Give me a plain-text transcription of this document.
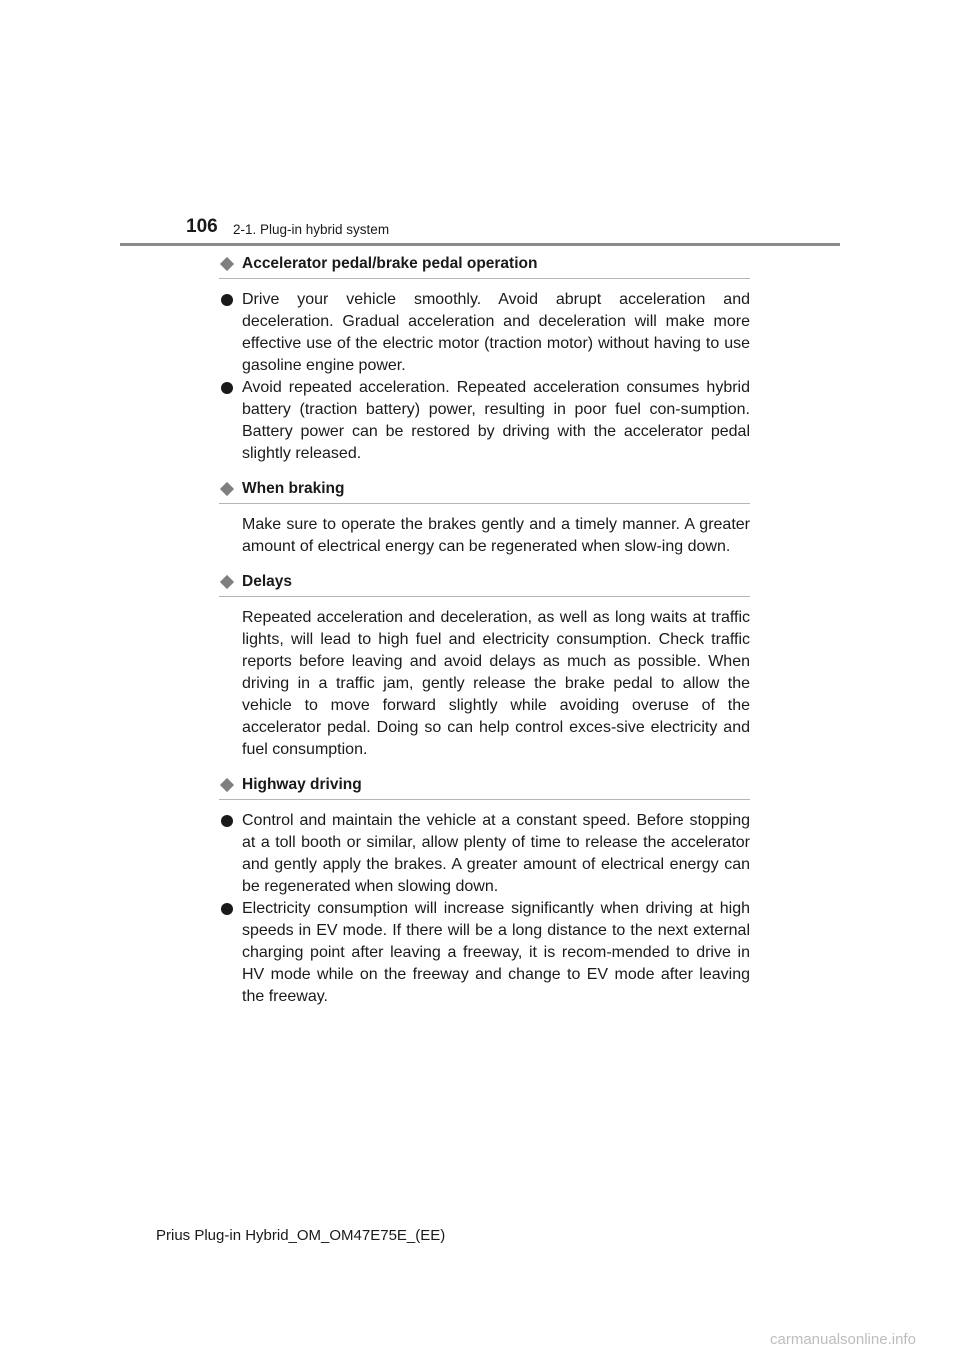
106 2-1. Plug-in hybrid system
Accelerator pedal/brake pedal operation
Drive your vehicle smoothly. Avoid abrupt acceleration and deceleration. Gradual acceleration and deceleration will make more effective use of the electric motor (traction motor) without having to use gasoline engine power.
Avoid repeated acceleration. Repeated acceleration consumes hybrid battery (traction battery) power, resulting in poor fuel con-sumption. Battery power can be restored by driving with the accelerator pedal slightly released.
When braking

Make sure to operate the brakes gently and a timely manner. A greater amount of electrical energy can be regenerated when slow-ing down.

Delays

Repeated acceleration and deceleration, as well as long waits at traffic lights, will lead to high fuel and electricity consumption. Check traffic reports before leaving and avoid delays as much as possible. When driving in a traffic jam, gently release the brake pedal to allow the vehicle to move forward slightly while avoiding overuse of the accelerator pedal. Doing so can help control exces-sive electricity and fuel consumption.

Highway driving
Control and maintain the vehicle at a constant speed. Before stopping at a toll booth or similar, allow plenty of time to release the accelerator and gently apply the brakes. A greater amount of electrical energy can be regenerated when slowing down.
Electricity consumption will increase significantly when driving at high speeds in EV mode. If there will be a long distance to the next external charging point after leaving a freeway, it is recom-mended to drive in HV mode while on the freeway and change to EV mode after leaving the freeway.
Prius Plug-in Hybrid_OM_OM47E75E_(EE)
carmanualsonline.info
